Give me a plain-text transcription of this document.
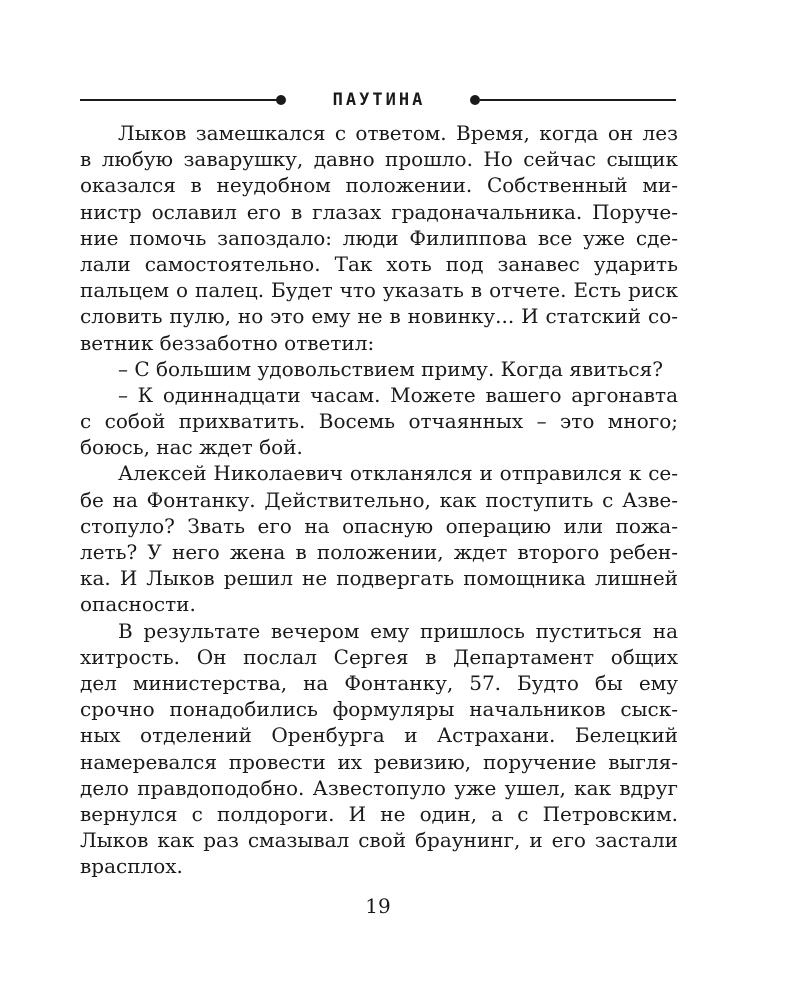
ПАУТИНА
Лыков замешкался с ответом. Время, когда он лез
в любую заварушку, давно прошло. Но сейчас сыщик
оказался в неудобном положении. Собственный ми-
нистр ославил его в глазах градоначальника. Поруче-
ние помочь запоздало: люди Филиппова все уже сде-
лали самостоятельно. Так хоть под занавес ударить
пальцем о палец. Будет что указать в отчете. Есть риск
словить пулю, но это ему не в новинку... И статский со-
ветник беззаботно ответил:
– С большим удовольствием приму. Когда явиться?
– К одиннадцати часам. Можете вашего аргонавта
с собой прихватить. Восемь отчаянных – это много;
боюсь, нас ждет бой.
Алексей Николаевич откланялся и отправился к се-
бе на Фонтанку. Действительно, как поступить с Азве-
стопуло? Звать его на опасную операцию или пожа-
леть? У него жена в положении, ждет второго ребен-
ка. И Лыков решил не подвергать помощника лишней
опасности.
В результате вечером ему пришлось пуститься на
хитрость. Он послал Сергея в Департамент общих
дел министерства, на Фонтанку, 57. Будто бы ему
срочно понадобились формуляры начальников сыск-
ных отделений Оренбурга и Астрахани. Белецкий
намеревался провести их ревизию, поручение выгля-
дело правдоподобно. Азвестопуло уже ушел, как вдруг
вернулся с полдороги. И не один, а с Петровским.
Лыков как раз смазывал свой браунинг, и его застали
врасплох.
19
